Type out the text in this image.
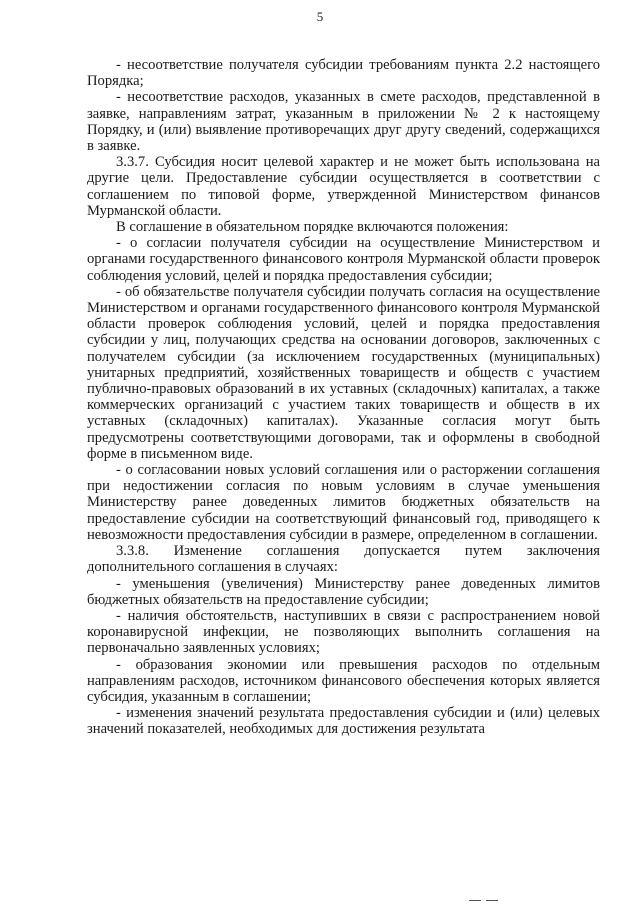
5

- несоответствие получателя субсидии требованиям пункта 2.2 настоящего Порядка;

- несоответствие расходов, указанных в смете расходов, представленной в заявке, направлениям затрат, указанным в приложении № 2 к настоящему Порядку, и (или) выявление противоречащих друг другу сведений, содержащихся в заявке.

3.3.7. Субсидия носит целевой характер и не может быть использована на другие цели. Предоставление субсидии осуществляется в соответствии с соглашением по типовой форме, утвержденной Министерством финансов Мурманской области.

В соглашение в обязательном порядке включаются положения:

- о согласии получателя субсидии на осуществление Министерством и органами государственного финансового контроля Мурманской области проверок соблюдения условий, целей и порядка предоставления субсидии;

- об обязательстве получателя субсидии получать согласия на осуществление Министерством и органами государственного финансового контроля Мурманской области проверок соблюдения условий, целей и порядка предоставления субсидии у лиц, получающих средства на основании договоров, заключенных с получателем субсидии (за исключением государственных (муниципальных) унитарных предприятий, хозяйственных товариществ и обществ с участием публично-правовых образований в их уставных (складочных) капиталах, а также коммерческих организаций с участием таких товариществ и обществ в их уставных (складочных) капиталах). Указанные согласия могут быть предусмотрены соответствующими договорами, так и оформлены в свободной форме в письменном виде.

- о согласовании новых условий соглашения или о расторжении соглашения при недостижении согласия по новым условиям в случае уменьшения Министерству ранее доведенных лимитов бюджетных обязательств на предоставление субсидии на соответствующий финансовый год, приводящего к невозможности предоставления субсидии в размере, определенном в соглашении.

3.3.8. Изменение соглашения допускается путем заключения дополнительного соглашения в случаях:

- уменьшения (увеличения) Министерству ранее доведенных лимитов бюджетных обязательств на предоставление субсидии;

- наличия обстоятельств, наступивших в связи с распространением новой коронавирусной инфекции, не позволяющих выполнить соглашения на первоначально заявленных условиях;

- образования экономии или превышения расходов по отдельным направлениям расходов, источником финансового обеспечения которых является субсидия, указанным в соглашении;

- изменения значений результата предоставления субсидии и (или) целевых значений показателей, необходимых для достижения результата
